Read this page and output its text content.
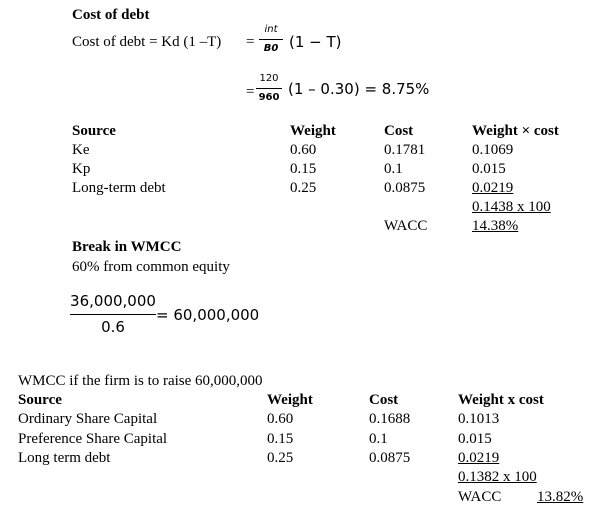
Cost of debt
Cost of debt = Kd (1 –T) =
int
B0 (1 − T)
=
120
960 (1 – 0.30) = 8.75%
Source	Weight	Cost	Weight × cost
Ke	0.60	0.1781	0.1069
Kp	0.15	0.1	0.015
Long-term debt	0.25	0.0875	0.0219
0.1438 x 100
WACC	14.38%
Break in WMCC
60% from common equity
36,000,000
0.6
= 60,000,000
WMCC if the firm is to raise 60,000,000
Source	Weight	Cost	Weight x cost
Ordinary Share Capital	0.60	0.1688	0.1013
Preference Share Capital	0.15	0.1	0.015
Long term debt	0.25	0.0875	0.0219
0.1382 x 100
WACC 13.82%
